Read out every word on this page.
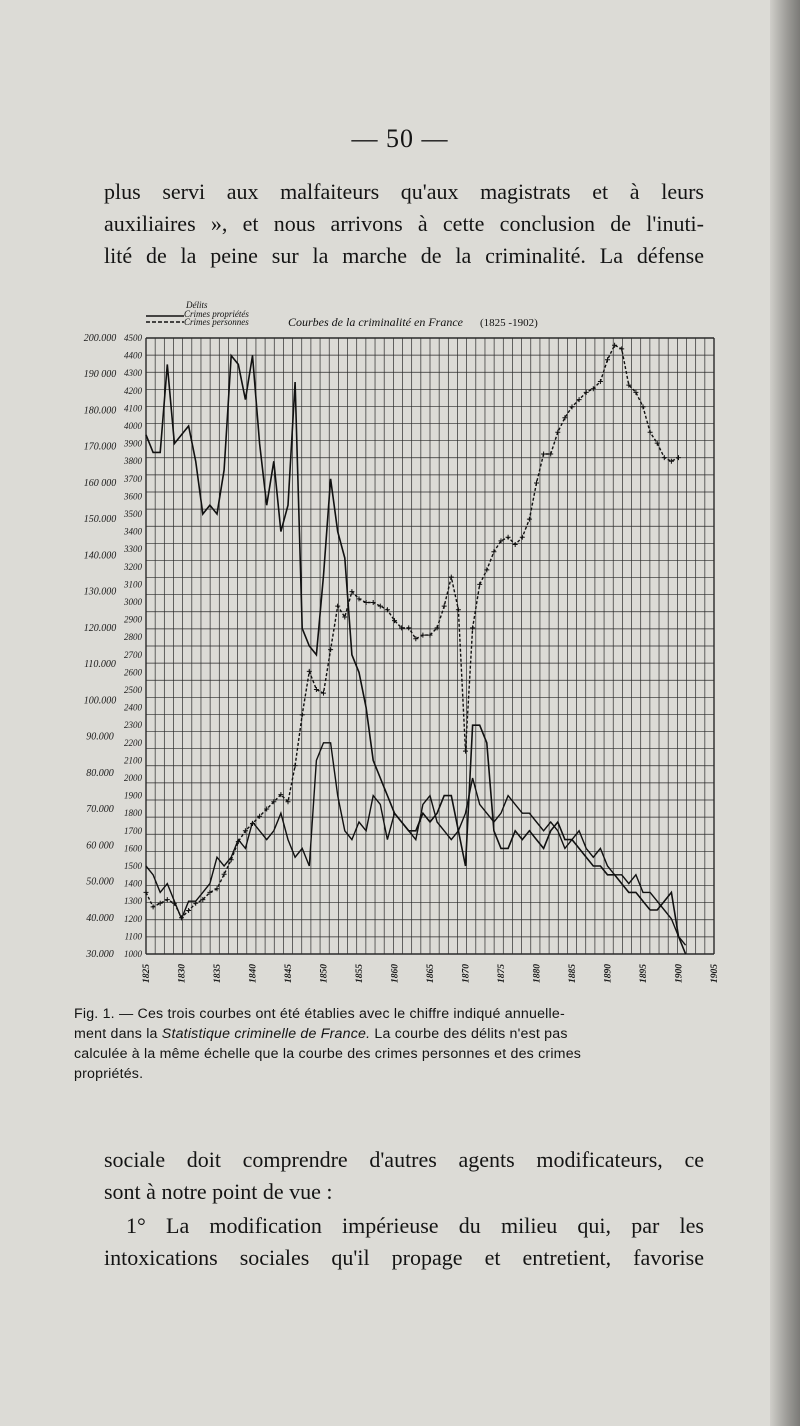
— 50 —
plus servi aux malfaiteurs qu'aux magistrats et à leurs
auxiliaires », et nous arrivons à cette conclusion de l'inuti-
lité de la peine sur la marche de la criminalité. La défense
200.000
190 000
180.000
170.000
160 000
150.000
140.000
130.000
120.000
110.000
100.000
90.000
80.000
70.000
60 000
50.000
40.000
30.000
4500
4400
4300
4200
4100
4000
3900
3800
3700
3600
3500
3400
3300
3200
3100
3000
2900
2800
2700
2600
2500
2400
2300
2200
2100
2000
1900
1800
1700
1600
1500
1400
1300
1200
1100
1000
1825	1830	1835	1840	1845	1850	1855	1860	1865	1870	1875	1880	1885	1890	1895	1900	1905
Délits
Crimes propriétés
Crimes personnes	Courbes de la criminalité en France (1825 -1902)
Fig. 1. — Ces trois courbes ont été établies avec le chiffre indiqué annuelle-
ment dans la Statistique criminelle de France. La courbe des délits n'est pas
calculée à la même échelle que la courbe des crimes personnes et des crimes
propriétés.
sociale doit comprendre d'autres agents modificateurs, ce
sont à notre point de vue :
1° La modification impérieuse du milieu qui, par les
intoxications sociales qu'il propage et entretient, favorise
